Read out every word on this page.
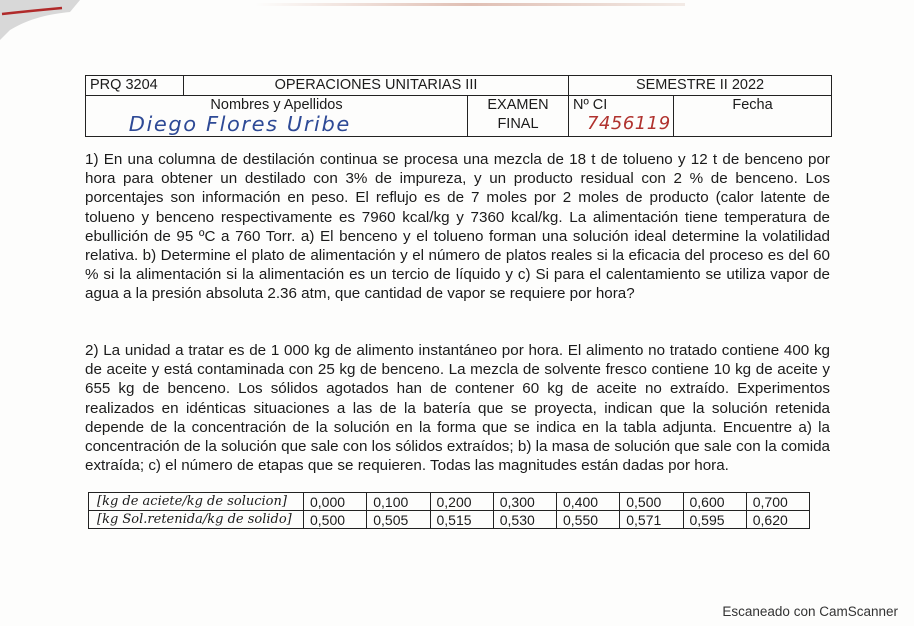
PRQ 3204	OPERACIONES UNITARIAS III		SEMESTRE II 2022	
Nombres y Apellidos		EXAMEN	Nº CI	Fecha
Diego Flores Uribe		FINAL	7456119	

1) En una columna de destilación continua se procesa una mezcla de 18 t de tolueno y 12 t de benceno por hora para obtener un destilado con 3% de impureza, y un producto residual con 2 % de benceno. Los porcentajes son información en peso. El reflujo es de 7 moles por 2 moles de producto (calor latente de tolueno y benceno respectivamente es 7960 kcal/kg y 7360 kcal/kg. La alimentación tiene temperatura de ebullición de 95 ºC a 760 Torr. a) El benceno y el tolueno forman una solución ideal determine la volatilidad relativa. b) Determine el plato de alimentación y el número de platos reales si la eficacia del proceso es del 60 % si la alimentación si la alimentación es un tercio de líquido y c) Si para el calentamiento se utiliza vapor de agua a la presión absoluta 2.36 atm, que cantidad de vapor se requiere por hora?

2) La unidad a tratar es de 1 000 kg de alimento instantáneo por hora. El alimento no tratado contiene 400 kg de aceite y está contaminada con 25 kg de benceno. La mezcla de solvente fresco contiene 10 kg de aceite y 655 kg de benceno. Los sólidos agotados han de contener 60 kg de aceite no extraído. Experimentos realizados en idénticas situaciones a las de la batería que se proyecta, indican que la solución retenida depende de la concentración de la solución en la forma que se indica en la tabla adjunta. Encuentre a) la concentración de la solución que sale con los sólidos extraídos; b) la masa de solución que sale con la comida extraída; c) el número de etapas que se requieren. Todas las magnitudes están dadas por hora.

[kg de aciete/kg de solucion]	0,000	0,100	0,200	0,300	0,400	0,500	0,600	0,700
[kg Sol.retenida/kg de solido]	0,500	0,505	0,515	0,530	0,550	0,571	0,595	0,620
Escaneado con CamScanner
